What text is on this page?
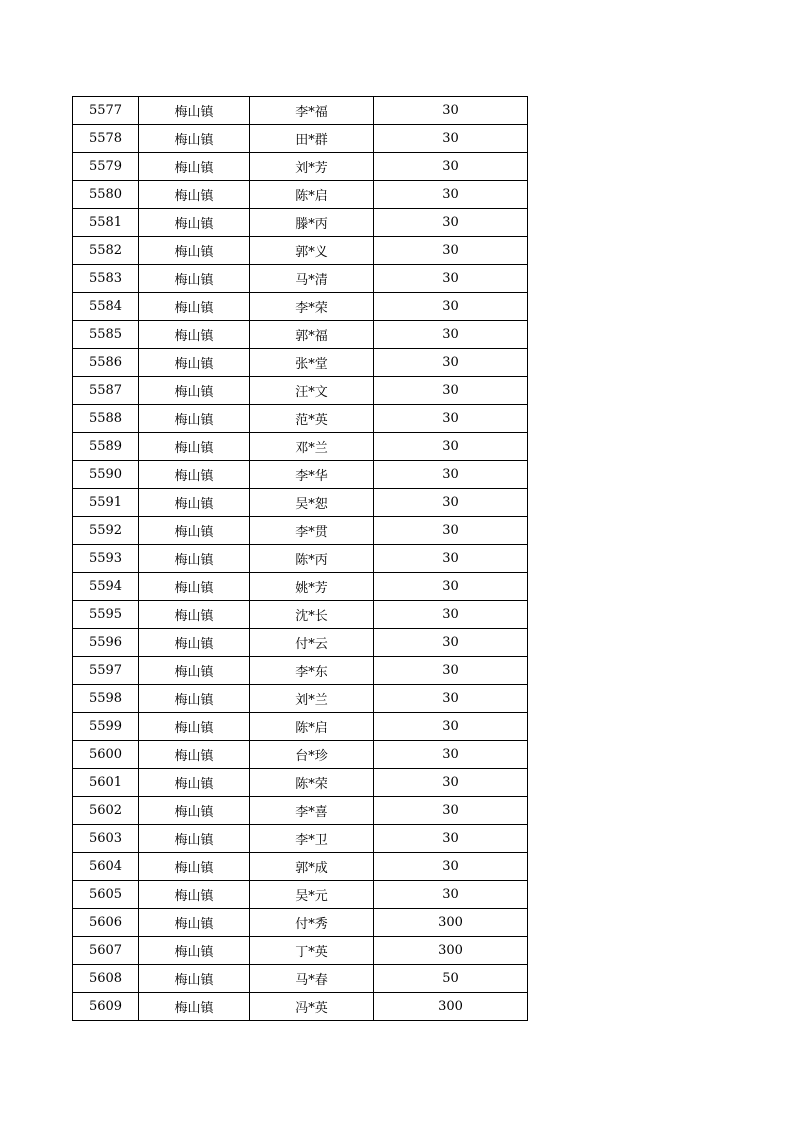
5577	梅山镇	李*福	30
5578	梅山镇	田*群	30
5579	梅山镇	刘*芳	30
5580	梅山镇	陈*启	30
5581	梅山镇	滕*丙	30
5582	梅山镇	郭*义	30
5583	梅山镇	马*清	30
5584	梅山镇	李*荣	30
5585	梅山镇	郭*福	30
5586	梅山镇	张*堂	30
5587	梅山镇	汪*文	30
5588	梅山镇	范*英	30
5589	梅山镇	邓*兰	30
5590	梅山镇	李*华	30
5591	梅山镇	吴*恕	30
5592	梅山镇	李*贯	30
5593	梅山镇	陈*丙	30
5594	梅山镇	姚*芳	30
5595	梅山镇	沈*长	30
5596	梅山镇	付*云	30
5597	梅山镇	李*东	30
5598	梅山镇	刘*兰	30
5599	梅山镇	陈*启	30
5600	梅山镇	台*珍	30
5601	梅山镇	陈*荣	30
5602	梅山镇	李*喜	30
5603	梅山镇	李*卫	30
5604	梅山镇	郭*成	30
5605	梅山镇	吴*元	30
5606	梅山镇	付*秀	300
5607	梅山镇	丁*英	300
5608	梅山镇	马*春	50
5609	梅山镇	冯*英	300
